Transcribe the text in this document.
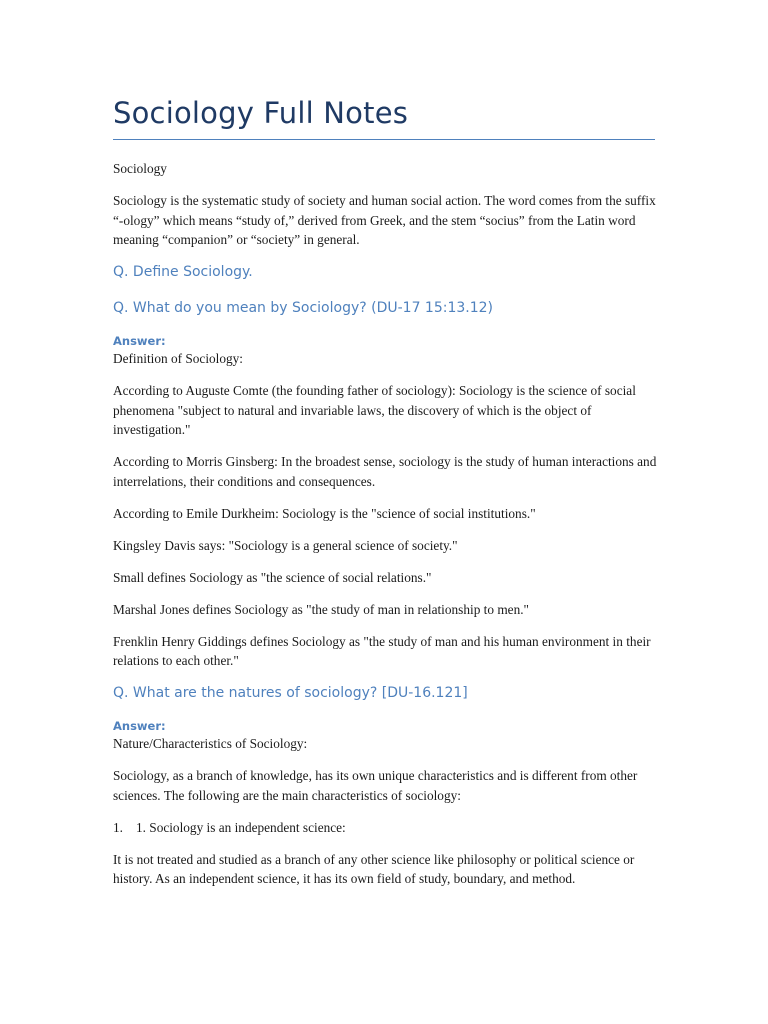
Sociology Full Notes

Sociology

Sociology is the systematic study of society and human social action. The word comes from the suffix “-ology” which means “study of,” derived from Greek, and the stem “socius” from the Latin word meaning “companion” or “society” in general.

Q. Define Sociology.
Q. What do you mean by Sociology? (DU-17 15:13.12)
Answer:

Definition of Sociology:

According to Auguste Comte (the founding father of sociology): Sociology is the science of social phenomena "subject to natural and invariable laws, the discovery of which is the object of investigation."

According to Morris Ginsberg: In the broadest sense, sociology is the study of human interactions and interrelations, their conditions and consequences.

According to Emile Durkheim: Sociology is the "science of social institutions."

Kingsley Davis says: "Sociology is a general science of society."

Small defines Sociology as "the science of social relations."

Marshal Jones defines Sociology as "the study of man in relationship to men."

Frenklin Henry Giddings defines Sociology as "the study of man and his human environment in their relations to each other."

Q. What are the natures of sociology? [DU-16.121]
Answer:

Nature/Characteristics of Sociology:

Sociology, as a branch of knowledge, has its own unique characteristics and is different from other sciences. The following are the main characteristics of sociology:

1. 1. Sociology is an independent science:

It is not treated and studied as a branch of any other science like philosophy or political science or history. As an independent science, it has its own field of study, boundary, and method.
